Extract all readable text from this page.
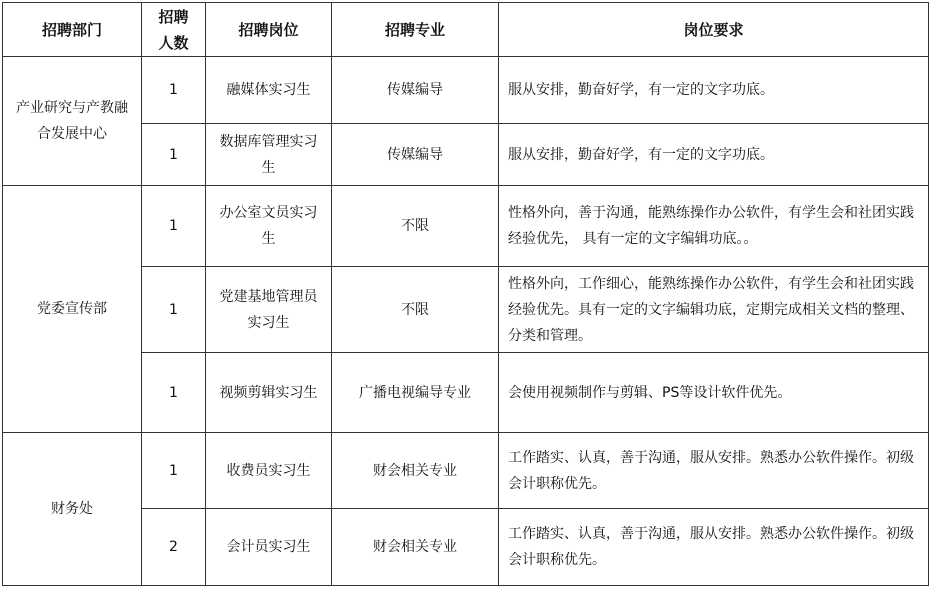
招聘部门	招聘人数	招聘岗位	招聘专业	岗位要求
产业研究与产教融合发展中心	1	融媒体实习生	传媒编导	服从安排，勤奋好学，有一定的文字功底。
	1	数据库管理实习生	传媒编导	服从安排，勤奋好学，有一定的文字功底。
党委宣传部	1	办公室文员实习生	不限	性格外向，善于沟通，能熟练操作办公软件，有学生会和社团实践经验优先， 具有一定的文字编辑功底。。
	1	党建基地管理员实习生	不限	性格外向，工作细心，能熟练操作办公软件，有学生会和社团实践经验优先。具有一定的文字编辑功底，定期完成相关文档的整理、分类和管理。
	1	视频剪辑实习生	广播电视编导专业	会使用视频制作与剪辑、PS等设计软件优先。
财务处	1	收费员实习生	财会相关专业	工作踏实、认真，善于沟通，服从安排。熟悉办公软件操作。初级会计职称优先。
	2	会计员实习生	财会相关专业	工作踏实、认真，善于沟通，服从安排。熟悉办公软件操作。初级会计职称优先。
